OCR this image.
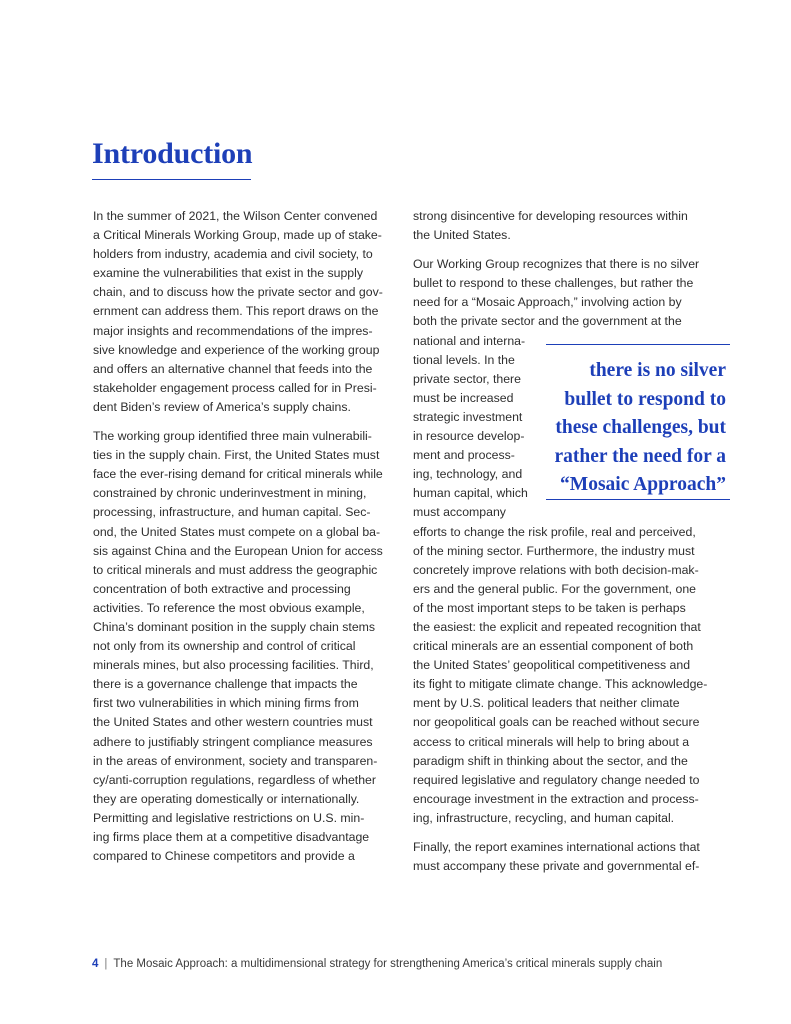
Introduction

In the summer of 2021, the Wilson Center convened
a Critical Minerals Working Group, made up of stake-
holders from industry, academia and civil society, to
examine the vulnerabilities that exist in the supply
chain, and to discuss how the private sector and gov-
ernment can address them. This report draws on the
major insights and recommendations of the impres-
sive knowledge and experience of the working group
and offers an alternative channel that feeds into the
stakeholder engagement process called for in Presi-
dent Biden’s review of America’s supply chains.

The working group identified three main vulnerabili-
ties in the supply chain. First, the United States must
face the ever-rising demand for critical minerals while
constrained by chronic underinvestment in mining,
processing, infrastructure, and human capital. Sec-
ond, the United States must compete on a global ba-
sis against China and the European Union for access
to critical minerals and must address the geographic
concentration of both extractive and processing
activities. To reference the most obvious example,
China’s dominant position in the supply chain stems
not only from its ownership and control of critical
minerals mines, but also processing facilities. Third,
there is a governance challenge that impacts the
first two vulnerabilities in which mining firms from
the United States and other western countries must
adhere to justifiably stringent compliance measures
in the areas of environment, society and transparen-
cy/anti-corruption regulations, regardless of whether
they are operating domestically or internationally.
Permitting and legislative restrictions on U.S. min-
ing firms place them at a competitive disadvantage
compared to Chinese competitors and provide a

strong disincentive for developing resources within
the United States.

Our Working Group recognizes that there is no silver
bullet to respond to these challenges, but rather the
need for a “Mosaic Approach,” involving action by
both the private sector and the government at the
national and interna-
tional levels. In the
private sector, there
must be increased
strategic investment
in resource develop-
ment and process-
ing, technology, and
human capital, which
must accompany
efforts to change the risk profile, real and perceived,
of the mining sector. Furthermore, the industry must
concretely improve relations with both decision-mak-
ers and the general public. For the government, one
of the most important steps to be taken is perhaps
the easiest: the explicit and repeated recognition that
critical minerals are an essential component of both
the United States’ geopolitical competitiveness and
its fight to mitigate climate change. This acknowledge-
ment by U.S. political leaders that neither climate
nor geopolitical goals can be reached without secure
access to critical minerals will help to bring about a
paradigm shift in thinking about the sector, and the
required legislative and regulatory change needed to
encourage investment in the extraction and process-
ing, infrastructure, recycling, and human capital.

Finally, the report examines international actions that
must accompany these private and governmental ef-

there is no silver
bullet to respond to
these challenges, but
rather the need for a
“Mosaic Approach”
4 | The Mosaic Approach: a multidimensional strategy for strengthening America’s critical minerals supply chain
